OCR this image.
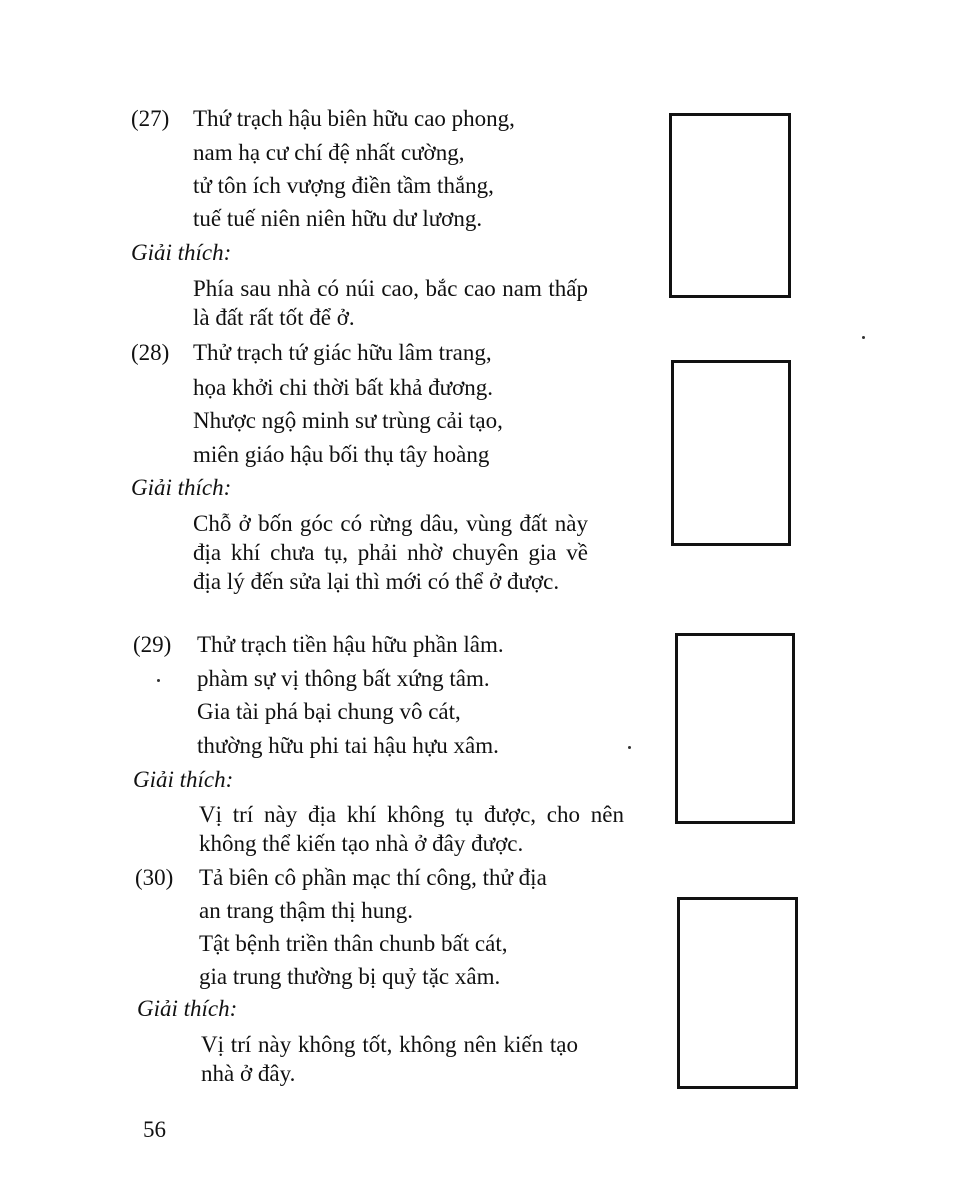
(27) Thứ trạch hậu biên hữu cao phong,
nam hạ cư chí đệ nhất cường,
tử tôn ích vượng điền tầm thắng,
tuế tuế niên niên hữu dư lương.
Giải thích:

Phía sau nhà có núi cao, bắc cao nam thấp là đất rất tốt để ở.

(28) Thử trạch tứ giác hữu lâm trang,
họa khởi chi thời bất khả đương.
Nhược ngộ minh sư trùng cải tạo,
miên giáo hậu bối thụ tây hoàng
Giải thích:

Chỗ ở bốn góc có rừng dâu, vùng đất này địa khí chưa tụ, phải nhờ chuyên gia về địa lý đến sửa lại thì mới có thể ở được.

(29) Thử trạch tiền hậu hữu phần lâm.
phàm sự vị thông bất xứng tâm.
Gia tài phá bại chung vô cát,
thường hữu phi tai hậu hựu xâm.
Giải thích:

Vị trí này địa khí không tụ được, cho nên không thể kiến tạo nhà ở đây được.

(30) Tả biên cô phần mạc thí công, thử địa
an trang thậm thị hung.
Tật bệnh triền thân chunb bất cát,
gia trung thường bị quỷ tặc xâm.
Giải thích:

Vị trí này không tốt, không nên kiến tạo nhà ở đây.

56
